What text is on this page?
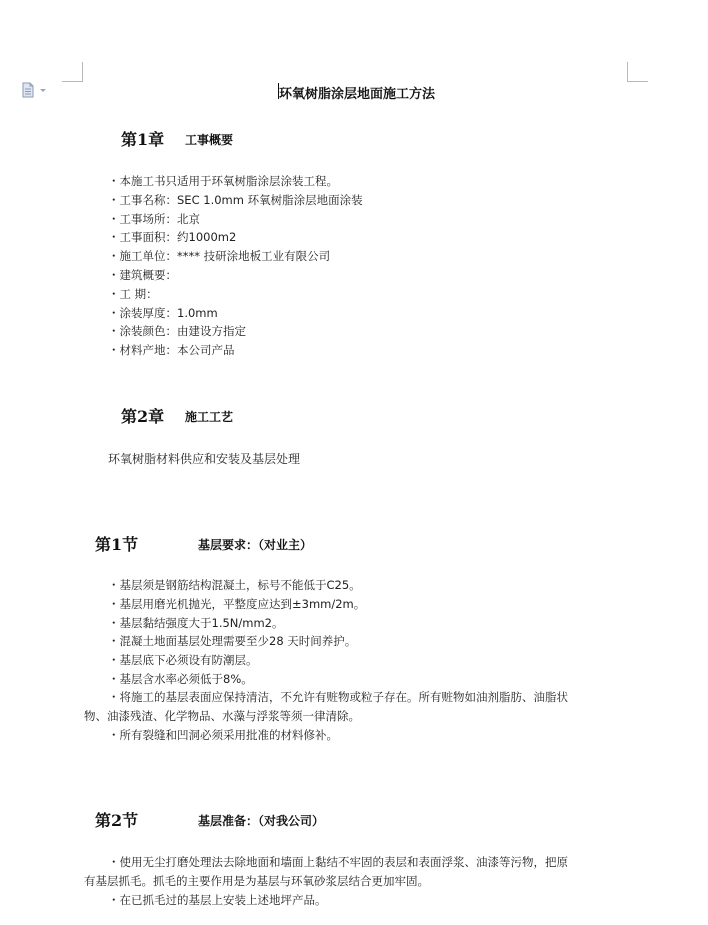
环氧树脂涂层地面施工方法
第1章 工事概要
・本施工书只适用于环氧树脂涂层涂装工程。
・工事名称：SEC 1.0mm 环氧树脂涂层地面涂装
・工事场所：北京
・工事面积：约1000m2
・施工单位：**** 技研涂地板工业有限公司
・建筑概要：
・工 期：
・涂装厚度：1.0mm
・涂装颜色：由建设方指定
・材料产地：本公司产品
第2章 施工工艺
环氧树脂材料供应和安装及基层处理
第1节	基层要求：（对业主）
・基层须是钢筋结构混凝土，标号不能低于C25。
・基层用磨光机抛光，平整度应达到±3mm/2m。
・基层黏结强度大于1.5N/mm2。
・混凝土地面基层处理需要至少28 天时间养护。
・基层底下必须设有防潮层。
・基层含水率必须低于8%。
・将施工的基层表面应保持清洁，不允许有赃物或粒子存在。所有赃物如油剂脂肪、油脂状
物、油漆残渣、化学物品、水藻与浮浆等须一律清除。
・所有裂缝和凹洞必须采用批准的材料修补。
第2节	基层准备：（对我公司）
・使用无尘打磨处理法去除地面和墙面上黏结不牢固的表层和表面浮浆、油漆等污物，把原
有基层抓毛。抓毛的主要作用是为基层与环氧砂浆层结合更加牢固。
・在已抓毛过的基层上安装上述地坪产品。
